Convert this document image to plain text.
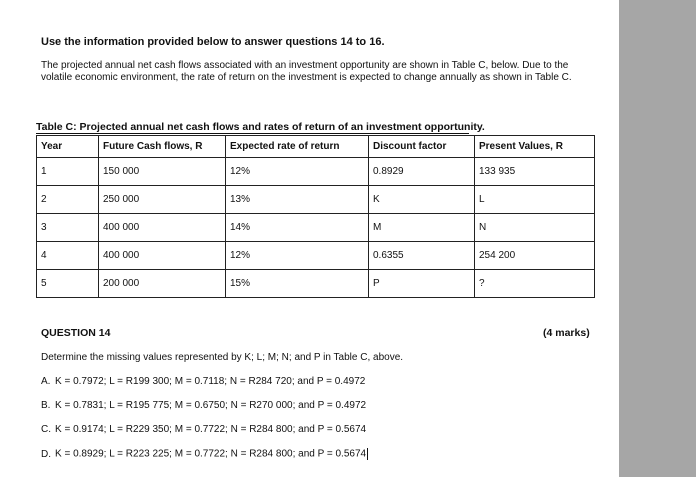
Use the information provided below to answer questions 14 to 16.
The projected annual net cash flows associated with an investment opportunity are shown in Table C, below. Due to the volatile economic environment, the rate of return on the investment is expected to change annually as shown in Table C.
Table C: Projected annual net cash flows and rates of return of an investment opportunity.
Year	Future Cash flows, R	Expected rate of return	Discount factor	Present Values, R
1	150 000	12%	0.8929	133 935
2	250 000	13%	K	L
3	400 000	14%	M	N
4	400 000	12%	0.6355	254 200
5	200 000	15%	P	?
QUESTION 14	(4 marks)
Determine the missing values represented by K; L; M; N; and P in Table C, above.
A. K = 0.7972; L = R199 300; M = 0.7118; N = R284 720; and P = 0.4972
B. K = 0.7831; L = R195 775; M = 0.6750; N = R270 000; and P = 0.4972
C. K = 0.9174; L = R229 350; M = 0.7722; N = R284 800; and P = 0.5674
D. K = 0.8929; L = R223 225; M = 0.7722; N = R284 800; and P = 0.5674
